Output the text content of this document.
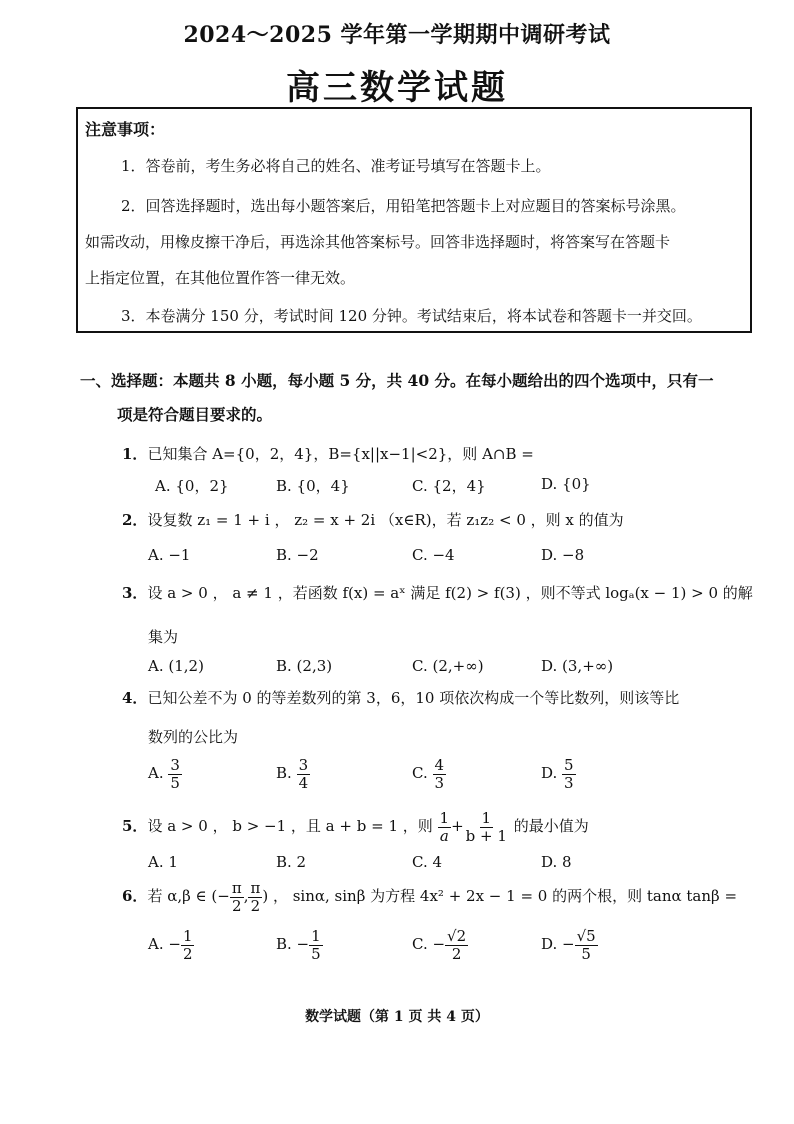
2024～2025 学年第一学期期中调研考试
高三数学试题
注意事项：
1．答卷前，考生务必将自己的姓名、准考证号填写在答题卡上。
2．回答选择题时，选出每小题答案后，用铅笔把答题卡上对应题目的答案标号涂黑。
如需改动，用橡皮擦干净后，再选涂其他答案标号。回答非选择题时，将答案写在答题卡
上指定位置，在其他位置作答一律无效。
3．本卷满分 150 分，考试时间 120 分钟。考试结束后，将本试卷和答题卡一并交回。
一、选择题：本题共 8 小题，每小题 5 分，共 40 分。在每小题给出的四个选项中，只有一
项是符合题目要求的。
1．已知集合 A={0，2，4}，B={x||x−1|<2}，则 A∩B =
A. {0，2}	B. {0，4}	C. {2，4}	D. {0}
2．设复数 z₁ = 1 + i ， z₂ = x + 2i （x∈R)，若 z₁z₂ < 0 ，则 x 的值为
A. −1	B. −2	C. −4	D. −8
3．设 a > 0 ， a ≠ 1 ，若函数 f(x) = aˣ 满足 f(2) > f(3) ，则不等式 logₐ(x − 1) > 0 的解
集为
A. (1,2)	B. (2,3)	C. (2,+∞)	D. (3,+∞)
4．已知公差不为 0 的等差数列的第 3，6，10 项依次构成一个等比数列，则该等比
数列的公比为
A. $\frac{3}{5}$	B. $\frac{3}{4}$	C. $\frac{4}{3}$	D. $\frac{5}{3}$
5．设 a > 0 ， b > −1 ，且 a + b = 1 ，则 $\frac{1}{a} + \frac{1}{b + 1}$ 的最小值为
A. 1	B. 2	C. 4	D. 8
6．若 α,β ∈ (− $\frac{\pi}{2}$ , $\frac{\pi}{2}$ ) ， sinα, sinβ 为方程 4x² + 2x − 1 = 0 的两个根，则 tanα tanβ =
A. − $\frac{1}{2}$	B. − $\frac{1}{5}$	C. − $\frac{√2}{2}$	D. − $\frac{√5}{5}$
数学试题（第 1 页 共 4 页）
